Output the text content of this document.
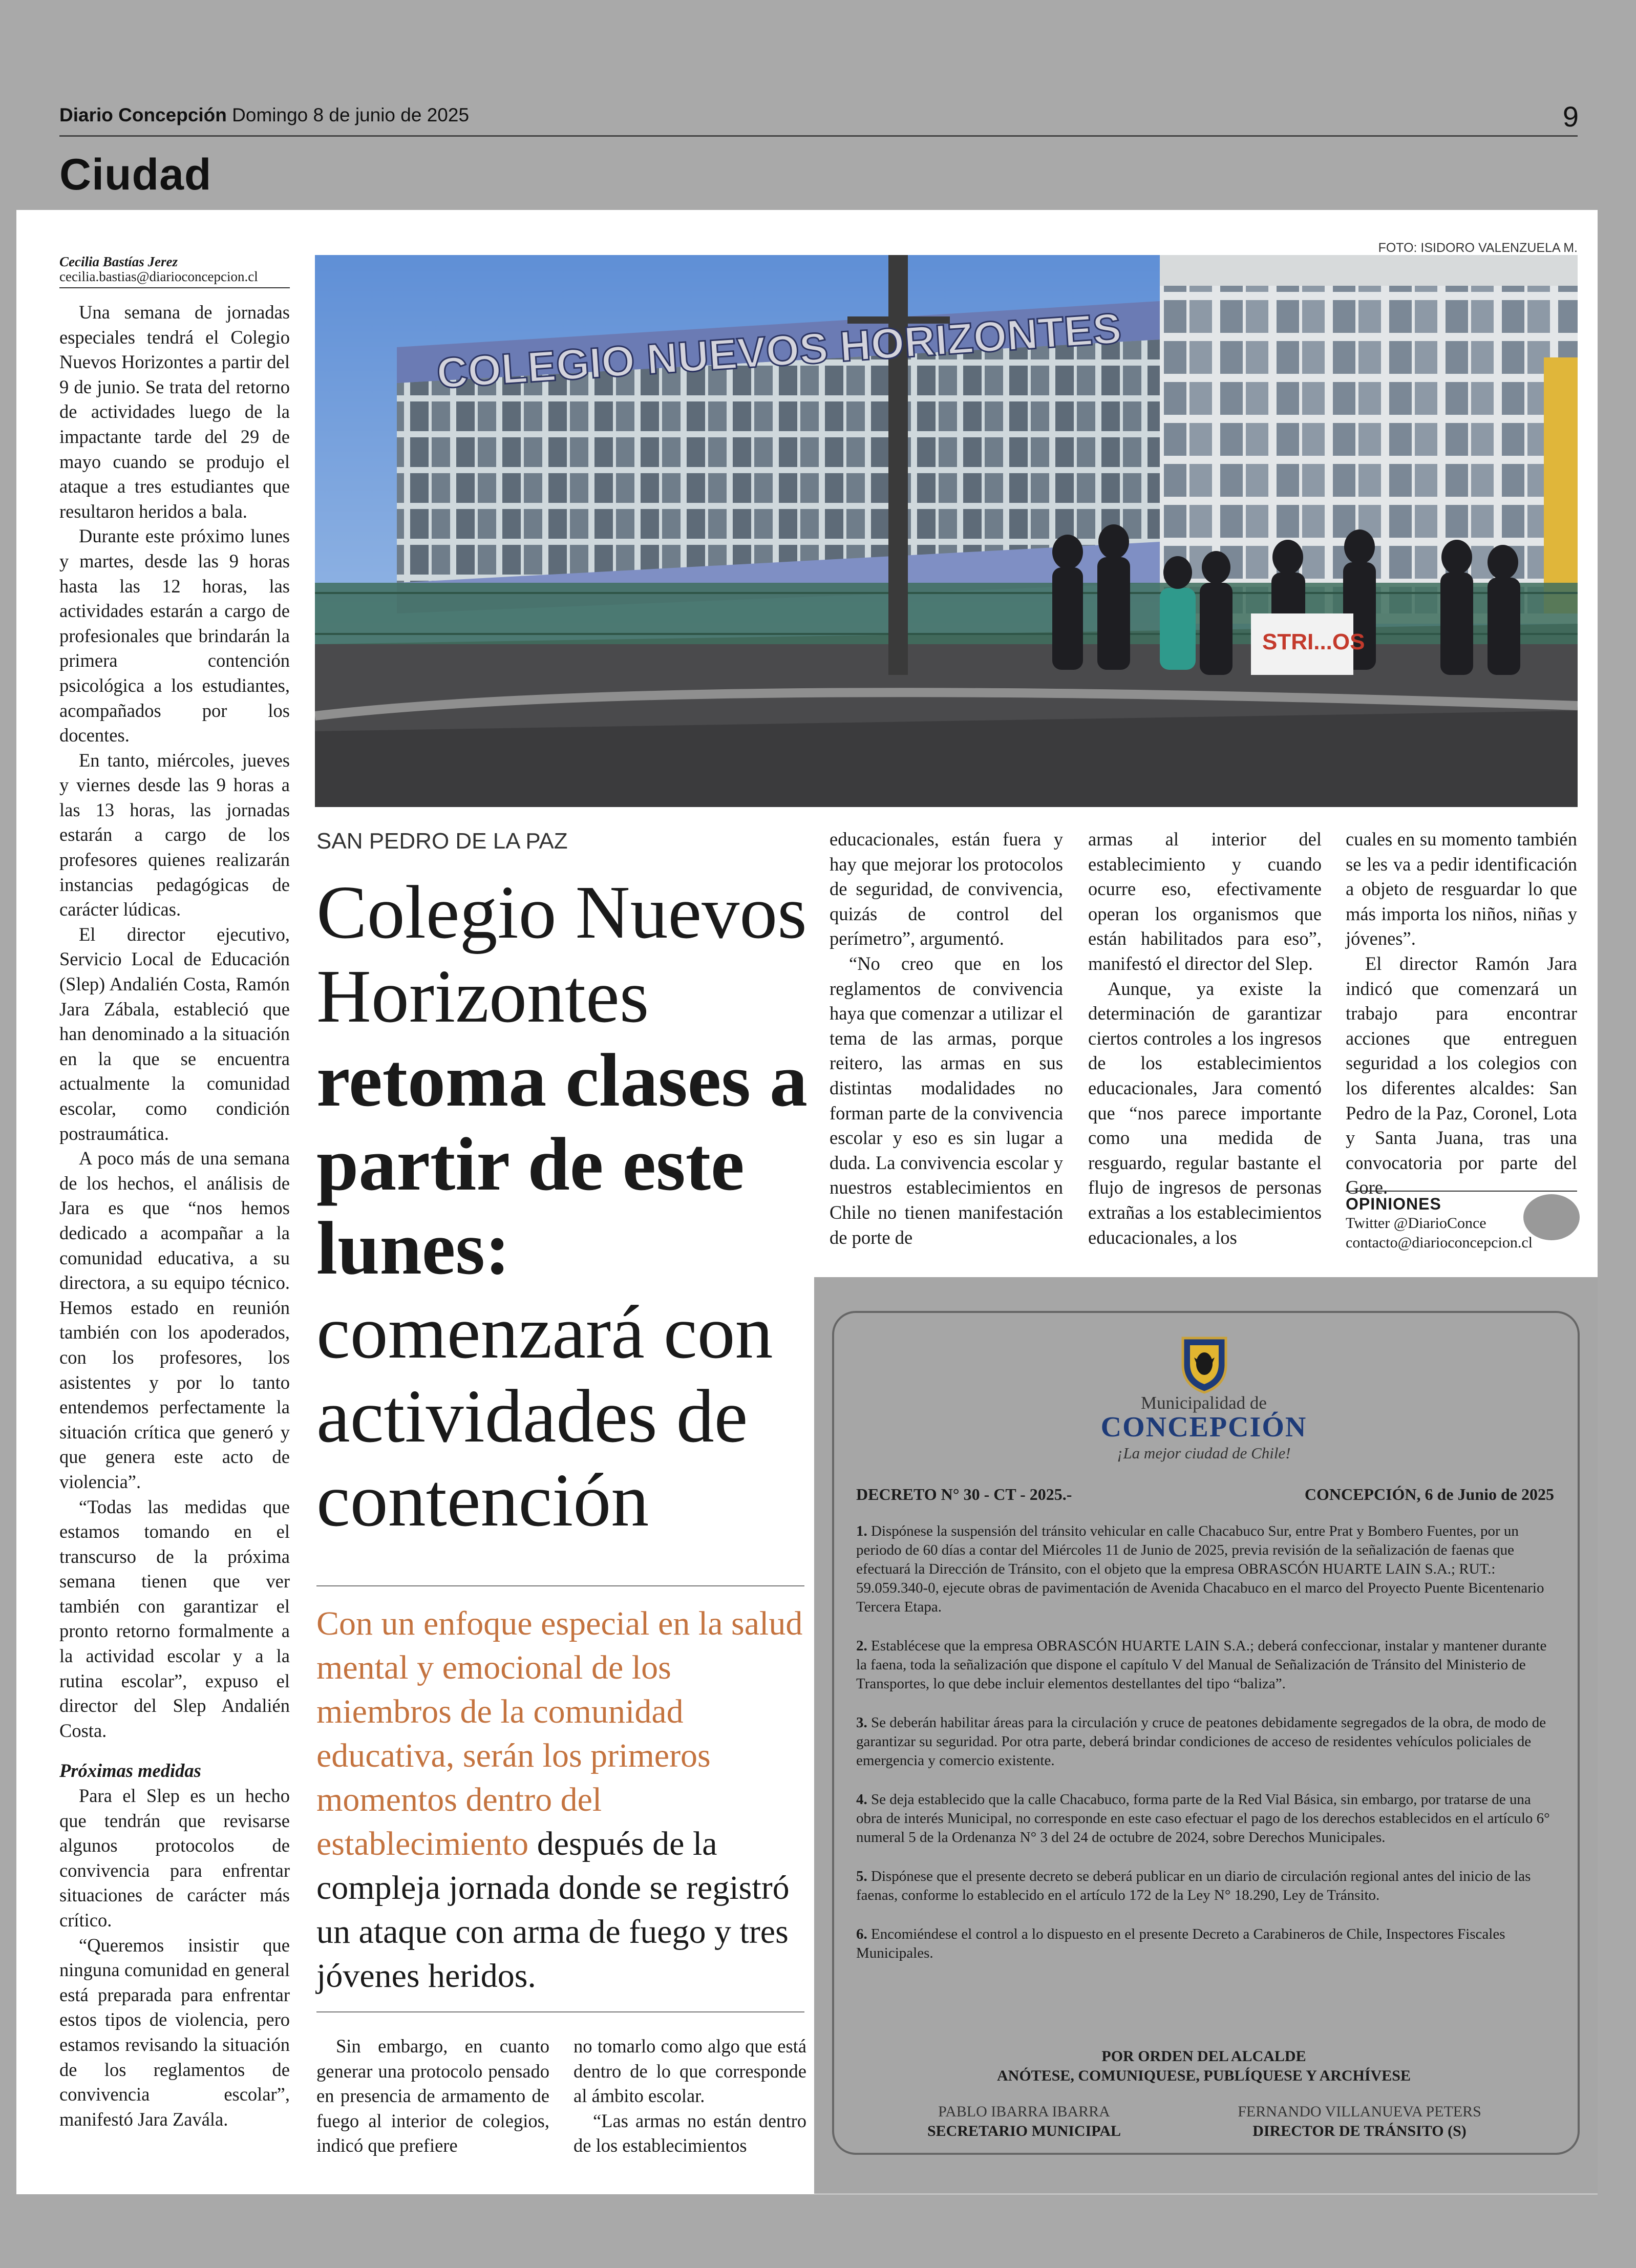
Diario Concepción Domingo 8 de junio de 2025	9
Ciudad
Cecilia Bastías Jerez
cecilia.bastias@diarioconcepcion.cl

Una semana de jornadas especiales tendrá el Colegio Nuevos Horizontes a partir del 9 de junio. Se trata del retorno de actividades luego de la impactante tarde del 29 de mayo cuando se produjo el ataque a tres estudiantes que resultaron heridos a bala.

Durante este próximo lunes y martes, desde las 9 horas hasta las 12 horas, las actividades estarán a cargo de profesionales que brindarán la primera contención psicológica a los estudiantes, acompañados por los docentes.

En tanto, miércoles, jueves y viernes desde las 9 horas a las 13 horas, las jornadas estarán a cargo de los profesores quienes realizarán instancias pedagógicas de carácter lúdicas.

El director ejecutivo, Servicio Local de Educación (Slep) Andalién Costa, Ramón Jara Zábala, estableció que han denominado a la situación en la que se encuentra actualmente la comunidad escolar, como condición postraumática.

A poco más de una semana de los hechos, el análisis de Jara es que “nos hemos dedicado a acompañar a la comunidad educativa, a su directora, a su equipo técnico. Hemos estado en reunión también con los apoderados, con los profesores, los asistentes y por lo tanto entendemos perfectamente la situación crítica que generó y que genera este acto de violencia”.

“Todas las medidas que estamos tomando en el transcurso de la próxima semana tienen que ver también con garantizar el pronto retorno formalmente a la actividad escolar y a la rutina escolar”, expuso el director del Slep Andalién Costa.

Próximas medidas

Para el Slep es un hecho que tendrán que revisarse algunos protocolos de convivencia para enfrentar situaciones de carácter más crítico.

“Queremos insistir que ninguna comunidad en general está preparada para enfrentar estos tipos de violencia, pero estamos revisando la situación de los reglamentos de convivencia escolar”, manifestó Jara Zavála.

FOTO: ISIDORO VALENZUELA M.
STRI...OS
COLEGIO NUEVOS HORIZONTES
SAN PEDRO DE LA PAZ
Colegio Nuevos Horizontes retoma clases a partir de este lunes: comenzará con actividades de contención
Con un enfoque especial en la salud mental y emocional de los miembros de la comunidad educativa, serán los primeros momentos dentro del establecimiento después de la compleja jornada donde se registró un ataque con arma de fuego y tres jóvenes heridos.

Sin embargo, en cuanto generar una protocolo pensado en presencia de armamento de fuego al interior de colegios, indicó que prefiere

no tomarlo como algo que está dentro de lo que corresponde al ámbito escolar.

“Las armas no están dentro de los establecimientos

educacionales, están fuera y hay que mejorar los protocolos de seguridad, de convivencia, quizás de control del perímetro”, argumentó.

“No creo que en los reglamentos de convivencia haya que comenzar a utilizar el tema de las armas, porque reitero, las armas en sus distintas modalidades no forman parte de la convivencia escolar y eso es sin lugar a duda. La convivencia escolar y nuestros establecimientos en Chile no tienen manifestación de porte de

armas al interior del establecimiento y cuando ocurre eso, efectivamente operan los organismos que están habilitados para eso”, manifestó el director del Slep.

Aunque, ya existe la determinación de garantizar ciertos controles a los ingresos de los establecimientos educacionales, Jara comentó que “nos parece importante como una medida de resguardo, regular bastante el flujo de ingresos de personas extrañas a los establecimientos educacionales, a los

cuales en su momento también se les va a pedir identificación a objeto de resguardar lo que más importa los niños, niñas y jóvenes”.

El director Ramón Jara indicó que comenzará un trabajo para encontrar acciones que entreguen seguridad a los colegios con los diferentes alcaldes: San Pedro de la Paz, Coronel, Lota y Santa Juana, tras una convocatoria por parte del Gore.

OPINIONES
Twitter @DiarioConce
contacto@diarioconcepcion.cl
Municipalidad de
CONCEPCIÓN
¡La mejor ciudad de Chile!
DECRETO N° 30 - CT - 2025.-	CONCEPCIÓN, 6 de Junio de 2025

1. Dispónese la suspensión del tránsito vehicular en calle Chacabuco Sur, entre Prat y Bombero Fuentes, por un periodo de 60 días a contar del Miércoles 11 de Junio de 2025, previa revisión de la señalización de faenas que efectuará la Dirección de Tránsito, con el objeto que la empresa OBRASCÓN HUARTE LAIN S.A.; RUT.: 59.059.340-0, ejecute obras de pavimentación de Avenida Chacabuco en el marco del Proyecto Puente Bicentenario Tercera Etapa.

2. Establécese que la empresa OBRASCÓN HUARTE LAIN S.A.; deberá confeccionar, instalar y mantener durante la faena, toda la señalización que dispone el capítulo V del Manual de Señalización de Tránsito del Ministerio de Transportes, lo que debe incluir elementos destellantes del tipo “baliza”.

3. Se deberán habilitar áreas para la circulación y cruce de peatones debidamente segregados de la obra, de modo de garantizar su seguridad. Por otra parte, deberá brindar condiciones de acceso de residentes vehículos policiales de emergencia y comercio existente.

4. Se deja establecido que la calle Chacabuco, forma parte de la Red Vial Básica, sin embargo, por tratarse de una obra de interés Municipal, no corresponde en este caso efectuar el pago de los derechos establecidos en el artículo 6° numeral 5 de la Ordenanza N° 3 del 24 de octubre de 2024, sobre Derechos Municipales.

5. Dispónese que el presente decreto se deberá publicar en un diario de circulación regional antes del inicio de las faenas, conforme lo establecido en el artículo 172 de la Ley N° 18.290, Ley de Tránsito.

6. Encomiéndese el control a lo dispuesto en el presente Decreto a Carabineros de Chile, Inspectores Fiscales Municipales.

POR ORDEN DEL ALCALDE
ANÓTESE, COMUNIQUESE, PUBLÍQUESE Y ARCHÍVESE
PABLO IBARRA IBARRA
SECRETARIO MUNICIPAL
FERNANDO VILLANUEVA PETERS
DIRECTOR DE TRÁNSITO (S)
